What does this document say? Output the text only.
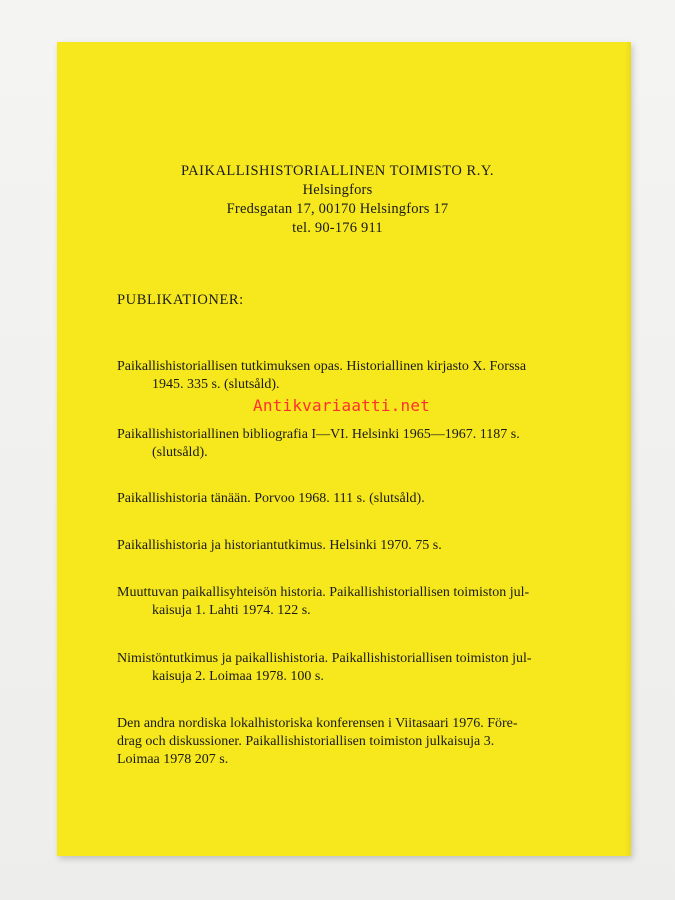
PAIKALLISHISTORIALLINEN TOIMISTO R.Y.
Helsingfors
Fredsgatan 17, 00170 Helsingfors 17
tel. 90-176 911
PUBLIKATIONER:
Paikallishistoriallisen tutkimuksen opas. Historiallinen kirjasto X. Forssa
1945. 335 s. (slutsåld).
Paikallishistoriallinen bibliografia I—VI. Helsinki 1965—1967. 1187 s.
(slutsåld).
Paikallishistoria tänään. Porvoo 1968. 111 s. (slutsåld).
Paikallishistoria ja historiantutkimus. Helsinki 1970. 75 s.
Muuttuvan paikallisyhteisön historia. Paikallishistoriallisen toimiston jul-
kaisuja 1. Lahti 1974. 122 s.
Nimistöntutkimus ja paikallishistoria. Paikallishistoriallisen toimiston jul-
kaisuja 2. Loimaa 1978. 100 s.
Den andra nordiska lokalhistoriska konferensen i Viitasaari 1976. Före-
drag och diskussioner. Paikallishistoriallisen toimiston julkaisuja 3.
Loimaa 1978 207 s.
Antikvariaatti.net
